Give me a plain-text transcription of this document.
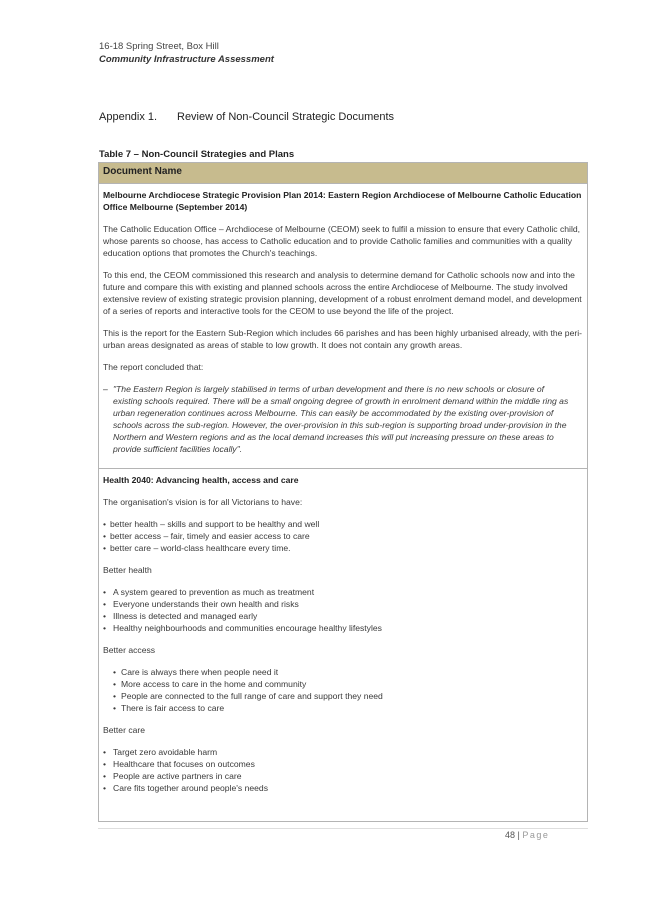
16-18 Spring Street, Box Hill
Community Infrastructure Assessment
Appendix 1. Review of Non-Council Strategic Documents
Table 7 – Non-Council Strategies and Plans
Document Name
Melbourne Archdiocese Strategic Provision Plan 2014: Eastern Region Archdiocese of Melbourne Catholic Education Office Melbourne (September 2014)
The Catholic Education Office – Archdiocese of Melbourne (CEOM) seek to fulfil a mission to ensure that every Catholic child, whose parents so choose, has access to Catholic education and to provide Catholic families and communities with a quality education options that promotes the Church's teachings.
To this end, the CEOM commissioned this research and analysis to determine demand for Catholic schools now and into the future and compare this with existing and planned schools across the entire Archdiocese of Melbourne. The study involved extensive review of existing strategic provision planning, development of a robust enrolment demand model, and development of a series of reports and interactive tools for the CEOM to use beyond the life of the project.
This is the report for the Eastern Sub-Region which includes 66 parishes and has been highly urbanised already, with the peri-urban areas designated as areas of stable to low growth. It does not contain any growth areas.
The report concluded that:
– "The Eastern Region is largely stabilised in terms of urban development and there is no new schools or closure of existing schools required. There will be a small ongoing degree of growth in enrolment demand within the middle ring as urban regeneration continues across Melbourne. This can easily be accommodated by the existing over-provision of schools across the sub-region. However, the over-provision in this sub-region is supporting broad under-provision in the Northern and Western regions and as the local demand increases this will put increasing pressure on these areas to provide sufficient facilities locally".
Health 2040: Advancing health, access and care
The organisation's vision is for all Victorians to have:
• better health – skills and support to be healthy and well
• better access – fair, timely and easier access to care
• better care – world-class healthcare every time.
Better health
• A system geared to prevention as much as treatment
• Everyone understands their own health and risks
• Illness is detected and managed early
• Healthy neighbourhoods and communities encourage healthy lifestyles
Better access
• Care is always there when people need it
• More access to care in the home and community
• People are connected to the full range of care and support they need
• There is fair access to care
Better care
• Target zero avoidable harm
• Healthcare that focuses on outcomes
• People are active partners in care
• Care fits together around people's needs
48 | Page
